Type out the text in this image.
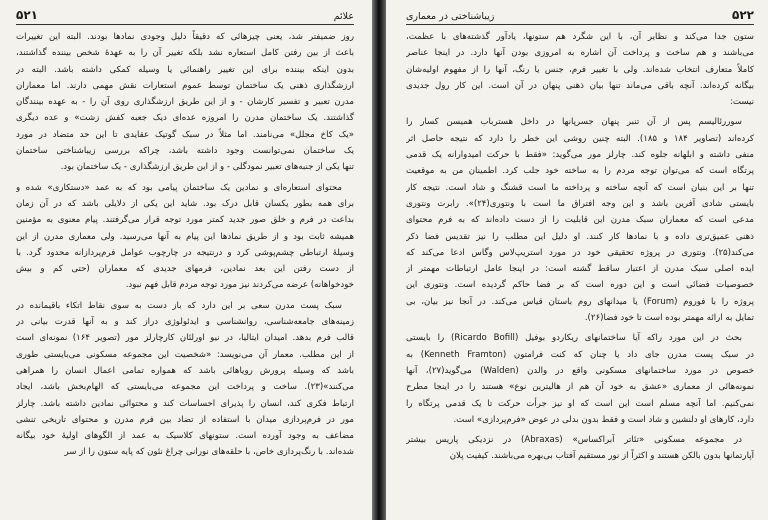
علائم
۵۲۱
روز ضمیفتر شد، یعنی چیزهائی که دقیقاً دلیل وجودی نمادها بودند. البته این تغییرات
باعث از بین رفتن کامل استعاره نشد بلکه تغییر آن را به عهدهٔ شخص بیننده گذاشتند،
بدون اینکه بیننده برای این تغییر راهنمائی یا وسیله کمکی داشته باشد. البته در
ارزشگذاری ذهنی یک ساختمان توسط عموم استعارات نقش مهمی دارند. اما معماران
مدرن تعبیر و تفسیر کارشان - و از این طریق ارزشگذاری روی آن را - به عهده بینندگان
گذاشتند. یک ساختمان مدرن را امروزه عده‌ای دیک جعبه کفش زشت» و عده دیگری
«یک کاخ مجلل» می‌نامند. اما مثلاً در سبک گوتیک عقایدی تا این حد متضاد در مورد
یک ساختمان نمی‌توانست وجود داشته باشد، چراکه بررسی زیباشناختی ساختمان
تنها یکی از جنبه‌های تعبیر نمودگلی - و از این طریق ارزشگذاری - یک ساختمان بود.
محتوای استعاره‌ای و نمادین یک ساختمان پیامی بود که به عمد «دستکاری» شده و
برای همه بطور یکسان قابل درک بود. شاید این یکی از دلایلی باشد که در آن زمان
بداعت در فرم و خلق صور جدید کمتر مورد توجه قرار می‌گرفتند. پیام معنوی به مؤمنین
همیشه ثابت بود و از طریق نمادها این پیام به آنها می‌رسید. ولی معماری مدرن از این
وسیلهٔ ارتباطی چشم‌پوشی کرد و درنتیجه در چارچوب عوامل فرم‌پردازانه محدود گرد. با
از دست رفتن این بعد نمادین، فرمهای جدیدی که معماران (حتی کم و بیش
خودخواهانه) عرضه می‌کردند نیز مورد توجه مردم قابل فهم نبود.
سبک پست مدرن سعی بر این دارد که باز دست به سوی نقاط اتکاء باقیمانده در
زمینه‌های جامعه‌شناسی، روانشناسی و ایدئولوژی دراز کند و به آنها قدرت بیانی در
قالب فرم بدهد. امیدان ایتالیا، در نیو اورلئان کارچارلز مور (تصویر ۱۶۴) نمونه‌ای است
از این مطلب. معمار آن می‌نویسد: «شخصیت این مجموعه مسکونی می‌بایستی طوری
باشد که وسیله پرورش رویاهائی باشد که همواره تمامی اعمال انسان را همراهی
می‌کنند»(۲۳). ساخت و پرداخت این مجموعه می‌بایستی که الهام‌بخش باشد، ایجاد
ارتباط فکری کند، انسان را پذیرای احساسات کند و محتوائی نمادین داشته باشد. چارلز
مور در فرم‌پردازی میدان با استفاده از تضاد بین فرم مدرن و محتوای تاریخی تنشی
مضاعف به وجود آورده است. ستونهای کلاسیک به عمد از الگوهای اولیهٔ خود بیگانه
شده‌اند. با رنگ‌پردازی خاص، با حلقه‌های نورانی چراغ نئون که پایه ستون را از سر
۵۲۲
زیباشناختی در معماری
ستون جدا می‌کند و نظایر آن، با این شگرد هم ستونها، یادآور گذشته‌های با عظمت،
می‌باشند و هم ساخت و پرداخت آن اشاره به امروزی بودن آنها دارد. در اینجا عناصر
کاملاً متعارف انتخاب شده‌اند. ولی با تغییر فرم، جنس یا رنگ، آنها را از مفهوم اولیه‌شان
بیگانه کرده‌اند. آنچه باقی می‌ماند تنها بیان ذهنی پنهان در آن است. این کار رول جدیدی
نیست:
سوررئالیسم پس از آن تنبر پنهان جسرپانها در داخل هسترباب همیسن کسار را
کرده‌اند (تصاویر ۱۸۴ و ۱۸۵). البته چنین روشی این خطر را دارد که نتیجه حاصل اثر
منفی داشته و ابلهانه جلوه کند. چارلز مور می‌گوید: «فقط با حرکت امیدوارانه یک قدمی
پرتگاه است که می‌توان توجه مردم را به ساخته خود جلب کرد. اطمینان من به موقعیت
تنها بر این بنیان است که آنچه ساخته و پرداخته ما است قشنگ و شاد است. نتیجه کار
بایستی شادی آفرین باشد و این وجه افتراق ما است با ونتوری(۲۴)». رابرت ونتوری
مدعی است که معماران سبک مدرن این قابلیت را از دست داده‌اند که به فرم محتوای
ذهنی عمیق‌تری داده و با نمادها کار کنند. او دلیل این مطلب را نیز تقدیس فضا ذکر
می‌کند(۲۵). ونتوری در پروژه تحقیقی خود در مورد استریپ‌لاس وگاس ادعا می‌کند که
ایده اصلی سبک مدرن از اعتبار ساقط گشته است: در اینجا عامل ارتباطات مهمتر از
خصوصیات فضائی است و این دوره است که بر فضا حاکم گردیده است. ونتوری این
پروژه را با فوروم (Forum) یا میدانهای روم باستان قیاس می‌کند. در آنجا نیز بیان، بی
تمایل به ارائه مهمتر بوده است تا خود فضا(۲۶).
بحث در این مورد راکه آیا ساختمانهای ریکاردو بوفیل (Ricardo Bofill) را بایستی
در سبک پست مدرن جای داد یا چنان که کنت فرامتون (Kenneth Framton) به
خصوص در مورد ساختمانهای مسکونی واقع در والدن (Walden) می‌گوید(۲۷)، آنها
نمونه‌هائی از معماری «عشق به خود آن هم از هالیترین نوع» هستند را در اینجا مطرح
نمی‌کنیم. اما آنچه مسلم است این است که او نیز جرأت حرکت تا یک قدمی پرتگاه را
دارد، کارهای او دلنشین و شاد است و فقط بدون بدلی در عوض «فرم‌پردازی» است.
در مجموعه مسکونی «تئاتر آبراکساس» (Abraxas) در نزدیکی پاریس بیشتر
آپارتمانها بدون بالکن هستند و اکثراً از نور مستقیم آفتاب بی‌بهره می‌باشند. کیفیت پلان
